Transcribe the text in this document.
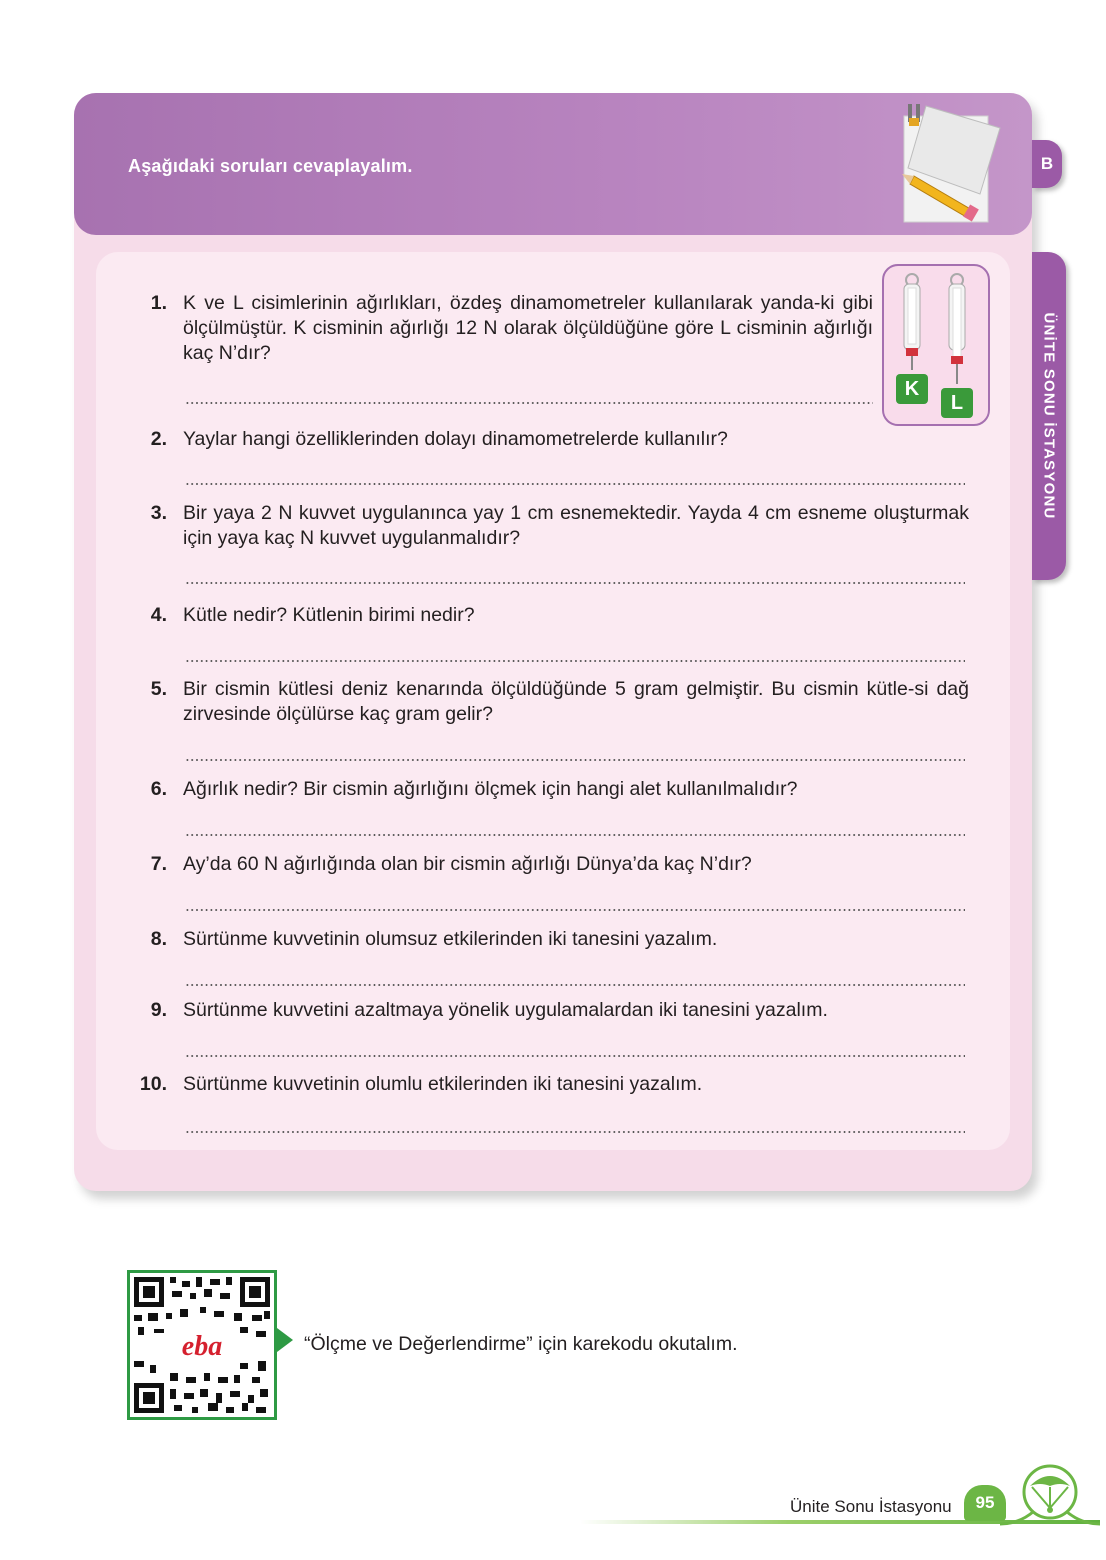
Aşağıdaki soruları cevaplayalım.	B
ÜNİTE SONU İSTASYONU
K
L
1. K ve L cisimlerinin ağırlıkları, özdeş dinamometreler kullanılarak yanda-ki gibi ölçülmüştür. K cisminin ağırlığı 12 N olarak ölçüldüğüne göre L cisminin ağırlığı kaç N’dır?
2. Yaylar hangi özelliklerinden dolayı dinamometrelerde kullanılır?
3. Bir yaya 2 N kuvvet uygulanınca yay 1 cm esnemektedir. Yayda 4 cm esneme oluşturmak için yaya kaç N kuvvet uygulanmalıdır?
4. Kütle nedir? Kütlenin birimi nedir?
5. Bir cismin kütlesi deniz kenarında ölçüldüğünde 5 gram gelmiştir. Bu cismin kütle-si dağ zirvesinde ölçülürse kaç gram gelir?
6. Ağırlık nedir? Bir cismin ağırlığını ölçmek için hangi alet kullanılmalıdır?
7. Ay’da 60 N ağırlığında olan bir cismin ağırlığı Dünya’da kaç N’dır?
8. Sürtünme kuvvetinin olumsuz etkilerinden iki tanesini yazalım.
9. Sürtünme kuvvetini azaltmaya yönelik uygulamalardan iki tanesini yazalım.
10. Sürtünme kuvvetinin olumlu etkilerinden iki tanesini yazalım.
eba	“Ölçme ve Değerlendirme” için karekodu okutalım.
Ünite Sonu İstasyonu	95
